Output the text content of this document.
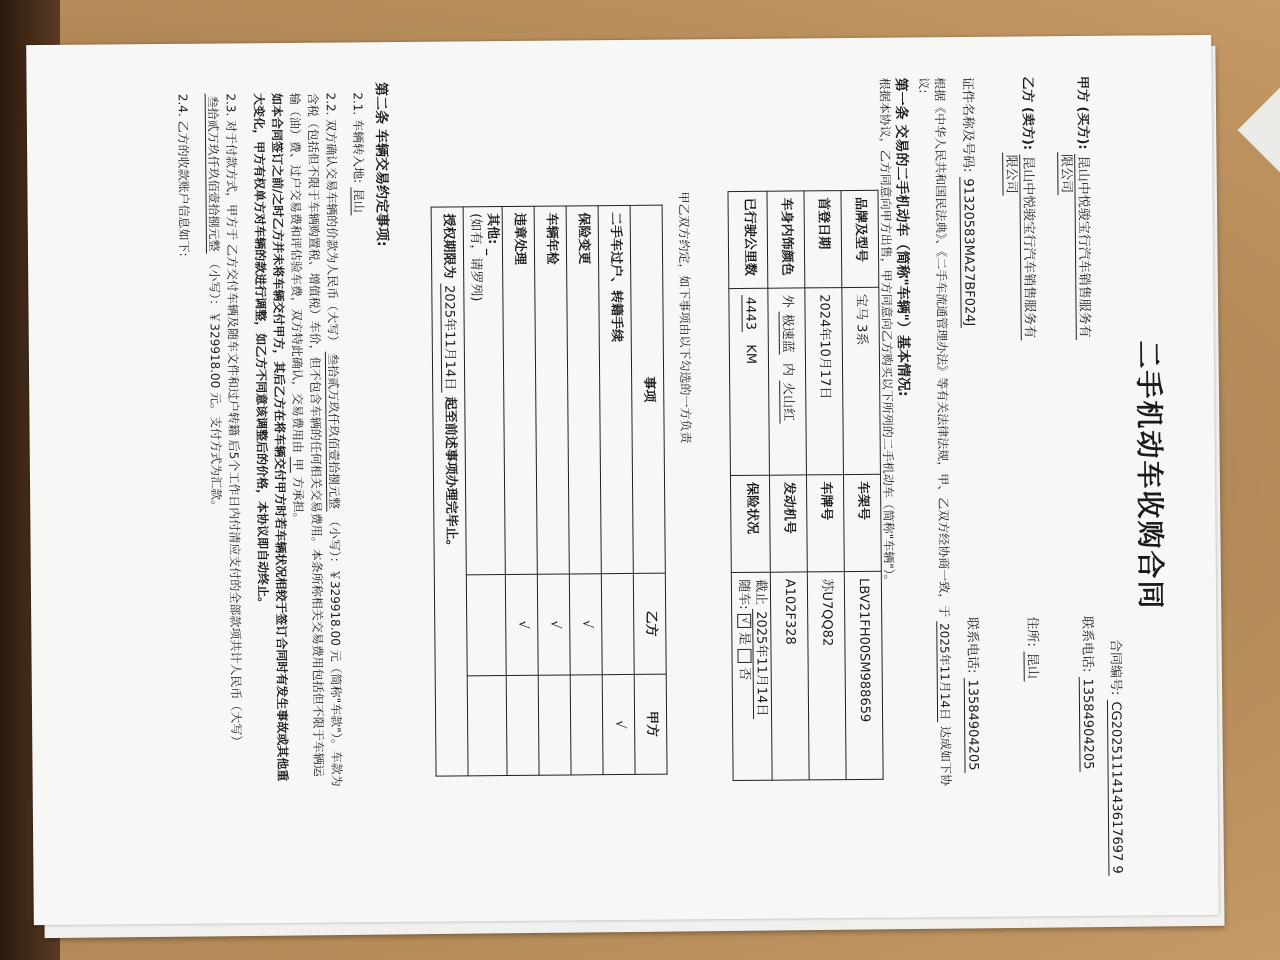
二手机动车收购合同
合同编号: CG20251114143617697 9
甲方 (买方): 昆山中悦骏宝行汽车销售服务有
限公司
联系电话: 13584904205
乙方 (卖方): 昆山中悦骏宝行汽车销售服务有
限公司
住所: 昆山
证件名称及号码: 91320583MA27BF024J
联系电话: 13584904205
根据《中华人民共和国民法典》、《二手车流通管理办法》等有关法律法规，甲、乙双方经协商一致，于 2025年11月14日 达成如下协
议:
第一条 交易的二手机动车（简称"车辆"）基本情况:
根据本协议，乙方同意向甲方出售，甲方同意向乙方购买以下所列的二手机动车（简称"车辆"）。
品牌及型号	宝马 3系	车架号	LBV21FH00SM988659
首登日期	2024年10月17日	车牌号	苏U7QQ82
车身内饰颜色	外 极速蓝  内 火山红	发动机号	A102F328
已行驶公里数	4443   KM	保险状况	截止 2025年11月14日
随车: √ 是  否
甲乙双方约定，如下事项由以下勾选的一方负责
事项	乙方	甲方
二手车过户、转籍手续		√
保险变更	√	
车辆年检	√	
违章处理	√	
其他: _
(如有，请罗列)		
授权期限为 2025年11月14日 起至前述事项办理完毕止。		
第二条 车辆交易约定事项:
2.1. 车辆转入地: 昆山
2.2. 双方确认交易车辆的价款为人民币（大写） 叁拾贰万玖仟玖佰壹拾捌元整 （小写）：￥329918.00 元（简称"车款"）。车款为
含税（包括但不限于车辆购置税、增值税）车价，但不包含车辆的任何相关交易费用。本条所称相关交易费用包括但不限于车辆运
输（油）费、过户交易费和评估验车费，双方特此确认，交易费用由 甲 方承担。
如本合同签订之前/之时乙方并未将车辆交付甲方，其后乙方在将车辆交付甲方时若车辆状况相较于签订合同时有发生事故或其他重
大变化，甲方有权单方对车辆的款进行调整，如乙方不同意该调整后的价格，本协议即自动终止。
2.3. 对于付款方式，甲方于 乙方交付车辆及随车文件和过户转籍 后5个工作日内付清应支付的全部款项共计人民币（大写）
叁拾贰万玖仟玖佰壹拾捌元整 （小写）：￥329918.00 元。支付方式为汇款。
2.4. 乙方的收款账户信息如下:
